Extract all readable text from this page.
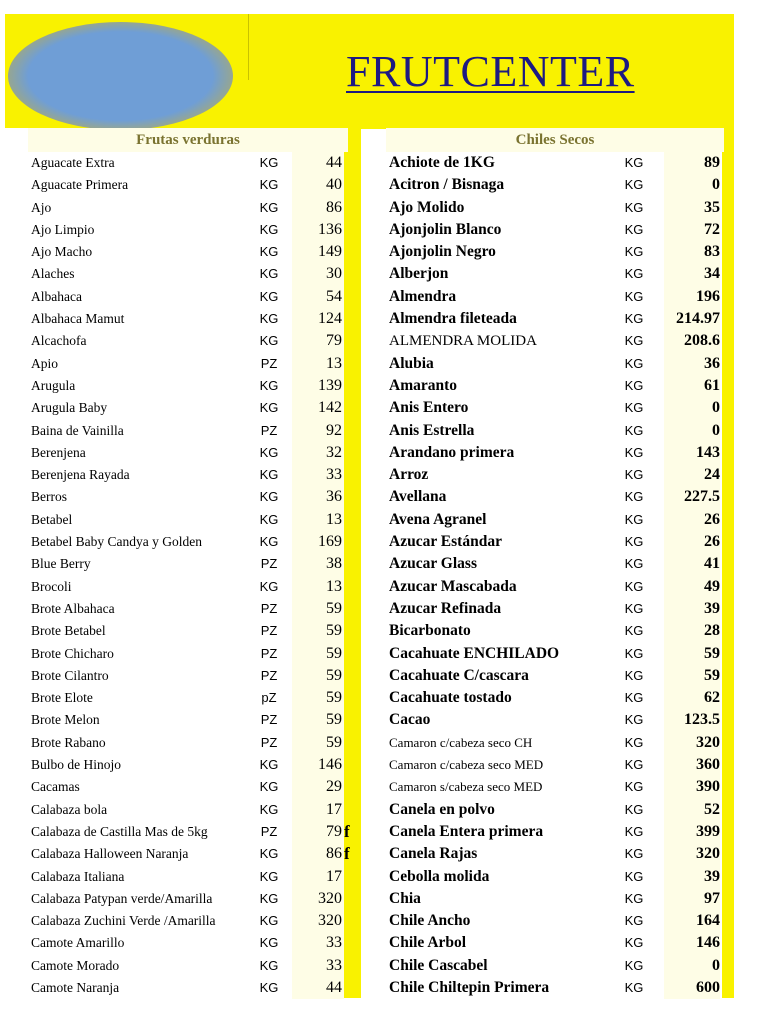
FRUTCENTER
Frutas verduras
Aguacate Extra	KG	44
Aguacate Primera	KG	40
Ajo	KG	86
Ajo Limpio	KG	136
Ajo Macho	KG	149
Alaches	KG	30
Albahaca	KG	54
Albahaca Mamut	KG	124
Alcachofa	KG	79
Apio	PZ	13
Arugula	KG	139
Arugula Baby	KG	142
Baina de Vainilla	PZ	92
Berenjena	KG	32
Berenjena Rayada	KG	33
Berros	KG	36
Betabel	KG	13
Betabel Baby Candya y Golden	KG	169
Blue Berry	PZ	38
Brocoli	KG	13
Brote Albahaca	PZ	59
Brote Betabel	PZ	59
Brote Chicharo	PZ	59
Brote Cilantro	PZ	59
Brote Elote	pZ	59
Brote Melon	PZ	59
Brote Rabano	PZ	59
Bulbo de Hinojo	KG	146
Cacamas	KG	29
Calabaza bola	KG	17
Calabaza de Castilla Mas de 5kg	PZ	79 f
Calabaza Halloween Naranja	KG	86 f
Calabaza Italiana	KG	17
Calabaza Patypan verde/Amarilla	KG	320
Calabaza Zuchini Verde /Amarilla	KG	320
Camote Amarillo	KG	33
Camote Morado	KG	33
Camote Naranja	KG	44
Chiles Secos
Achiote de 1KG	KG	89
Acitron / Bisnaga	KG	0
Ajo Molido	KG	35
Ajonjolin Blanco	KG	72
Ajonjolin Negro	KG	83
Alberjon	KG	34
Almendra	KG	196
Almendra fileteada	KG	214.97
ALMENDRA MOLIDA	KG	208.6
Alubia	KG	36
Amaranto	KG	61
Anis Entero	KG	0
Anis Estrella	KG	0
Arandano primera	KG	143
Arroz	KG	24
Avellana	KG	227.5
Avena Agranel	KG	26
Azucar Estándar	KG	26
Azucar Glass	KG	41
Azucar Mascabada	KG	49
Azucar Refinada	KG	39
Bicarbonato	KG	28
Cacahuate ENCHILADO	KG	59
Cacahuate C/cascara	KG	59
Cacahuate tostado	KG	62
Cacao	KG	123.5
Camaron c/cabeza seco CH	KG	320
Camaron c/cabeza seco MED	KG	360
Camaron s/cabeza seco MED	KG	390
Canela en polvo	KG	52
Canela Entera primera	KG	399
Canela Rajas	KG	320
Cebolla molida	KG	39
Chia	KG	97
Chile Ancho	KG	164
Chile Arbol	KG	146
Chile Cascabel	KG	0
Chile Chiltepin Primera	KG	600
